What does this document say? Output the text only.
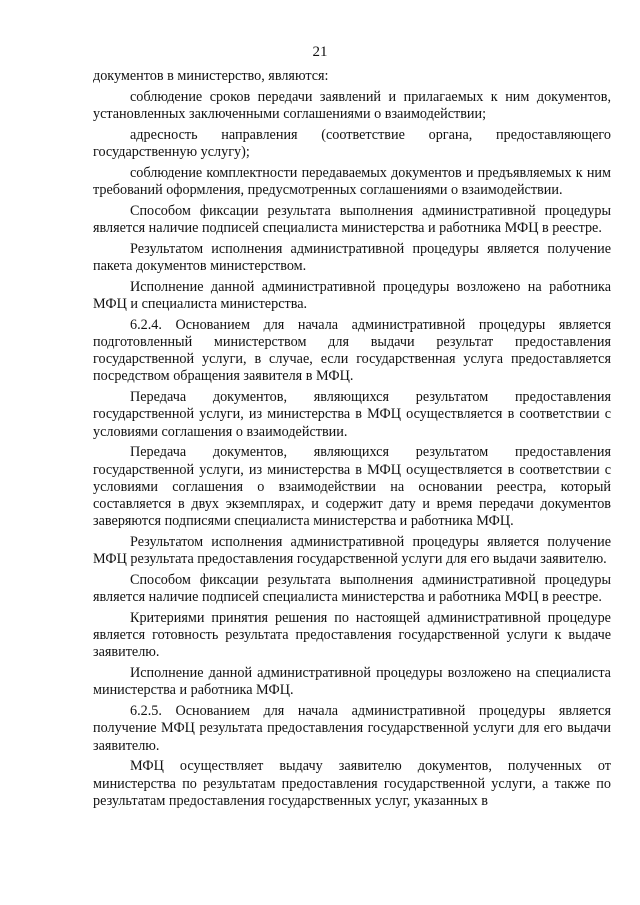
21

документов в министерство, являются:

соблюдение сроков передачи заявлений и прилагаемых к ним документов, установленных заключенными соглашениями о взаимодействии;

адресность направления (соответствие органа, предоставляющего государственную услугу);

соблюдение комплектности передаваемых документов и предъявляемых к ним требований оформления, предусмотренных соглашениями о взаимодействии.

Способом фиксации результата выполнения административной процедуры является наличие подписей специалиста министерства и работника МФЦ в реестре.

Результатом исполнения административной процедуры является получение пакета документов министерством.

Исполнение данной административной процедуры возложено на работника МФЦ и специалиста министерства.

6.2.4. Основанием для начала административной процедуры является подготовленный министерством для выдачи результат предоставления государственной услуги, в случае, если государственная услуга предоставляется посредством обращения заявителя в МФЦ.

Передача документов, являющихся результатом предоставления государственной услуги, из министерства в МФЦ осуществляется в соответствии с условиями соглашения о взаимодействии.

Передача документов, являющихся результатом предоставления государственной услуги, из министерства в МФЦ осуществляется в соответствии с условиями соглашения о взаимодействии на основании реестра, который составляется в двух экземплярах, и содержит дату и время передачи документов заверяются подписями специалиста министерства и работника МФЦ.

Результатом исполнения административной процедуры является получение МФЦ результата предоставления государственной услуги для его выдачи заявителю.

Способом фиксации результата выполнения административной процедуры является наличие подписей специалиста министерства и работника МФЦ в реестре.

Критериями принятия решения по настоящей административной процедуре является готовность результата предоставления государственной услуги к выдаче заявителю.

Исполнение данной административной процедуры возложено на специалиста министерства и работника МФЦ.

6.2.5. Основанием для начала административной процедуры является получение МФЦ результата предоставления государственной услуги для его выдачи заявителю.

МФЦ осуществляет выдачу заявителю документов, полученных от министерства по результатам предоставления государственной услуги, а также по результатам предоставления государственных услуг, указанных в
